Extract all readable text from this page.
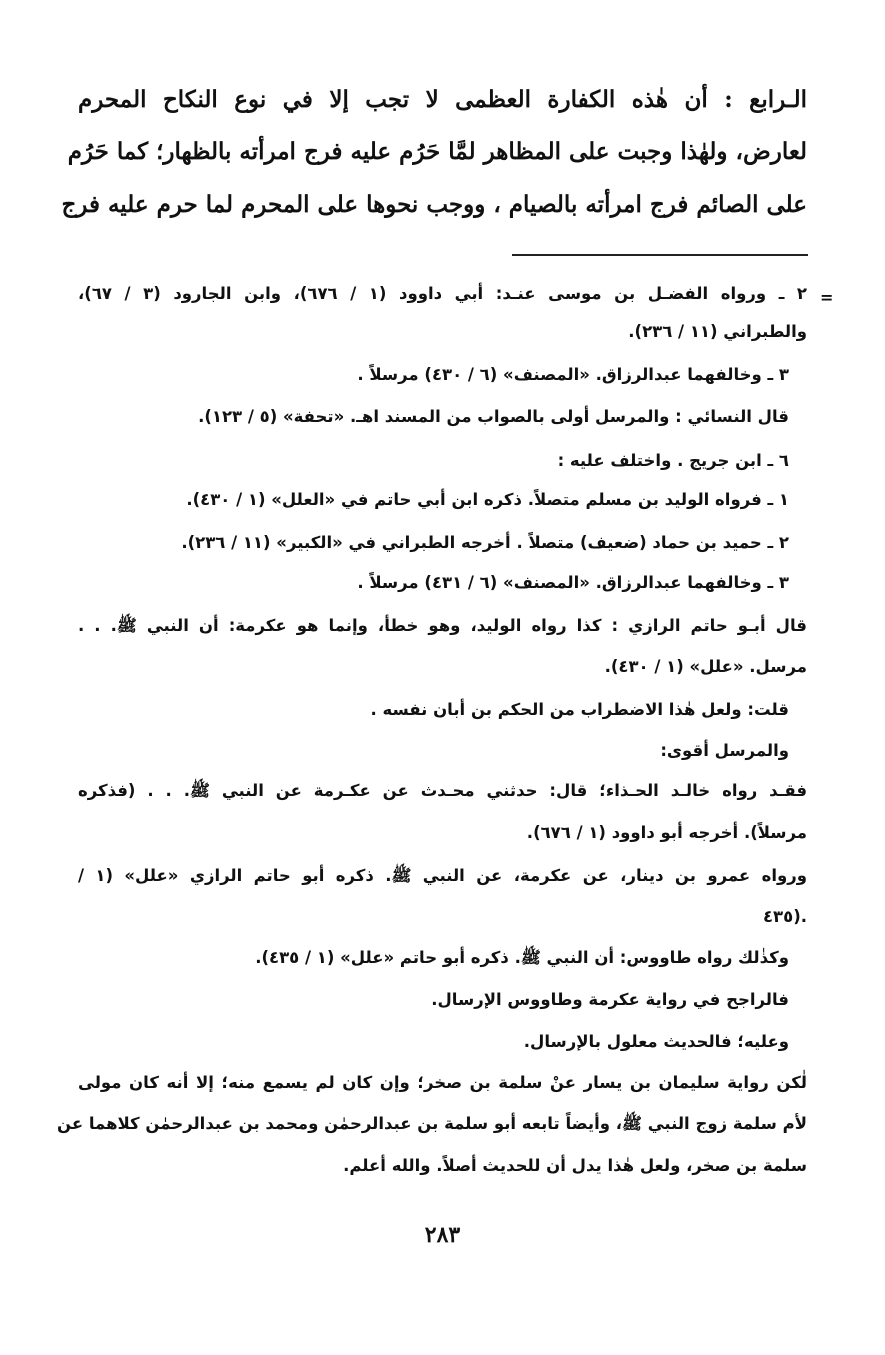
الـرابع : أن هٰذه الكفارة العظمى لا تجب إلا في نوع النكاح المحرم
لعارض، ولهٰذا وجبت على المظاهر لمَّا حَرُم عليه فرج امرأته بالظهار؛ كما حَرُم
على الصائم فرج امرأته بالصيام ، ووجب نحوها على المحرم لما حرم عليه فرج
=
٢ ـ ورواه الفضـل بن موسى عنـد: أبي داوود (١ / ٦٧٦)، وابن الجارود (٣ / ٦٧)،
والطبراني (١١ / ٢٣٦).
٣ ـ وخالفهما عبدالرزاق. «المصنف» (٦ / ٤٣٠) مرسلاً .
قال النسائي : والمرسل أولى بالصواب من المسند اهـ. «تحفة» (٥ / ١٢٣).
٦ ـ ابن جريج . واختلف عليه :
١ ـ فرواه الوليد بن مسلم متصلاً. ذكره ابن أبي حاتم في «العلل» (١ / ٤٣٠).
٢ ـ حميد بن حماد (ضعيف) متصلاً . أخرجه الطبراني في «الكبير» (١١ / ٢٣٦).
٣ ـ وخالفهما عبدالرزاق. «المصنف» (٦ / ٤٣١) مرسلاً .
قال أبـو حاتم الرازي : كذا رواه الوليد، وهو خطأ، وإنما هو عكرمة: أن النبي ﷺ. . .
مرسل. «علل» (١ / ٤٣٠).
قلت: ولعل هٰذا الاضطراب من الحكم بن أبان نفسه .
والمرسل أقوى:
فقـد رواه خالـد الحـذاء؛ قال: حدثني محـدث عن عكـرمة عن النبي ﷺ. . . (فذكره
مرسلاً). أخرجه أبو داوود (١ / ٦٧٦).
ورواه عمرو بن دينار، عن عكرمة، عن النبي ﷺ. ذكره أبو حاتم الرازي «علل» (١ /
٤٣٥).
وكذٰلك رواه طاووس: أن النبي ﷺ. ذكره أبو حاتم «علل» (١ / ٤٣٥).
فالراجح في رواية عكرمة وطاووس الإرسال.
وعليه؛ فالحديث معلول بالإرسال.
لٰكن رواية سليمان بن يسار عنْ سلمة بن صخر؛ وإن كان لم يسمع منه؛ إلا أنه كان مولى
لأم سلمة زوج النبي ﷺ، وأيضاً تابعه أبو سلمة بن عبدالرحمٰن ومحمد بن عبدالرحمٰن كلاهما عن
سلمة بن صخر، ولعل هٰذا يدل أن للحديث أصلاً. والله أعلم.
٢٨٣
